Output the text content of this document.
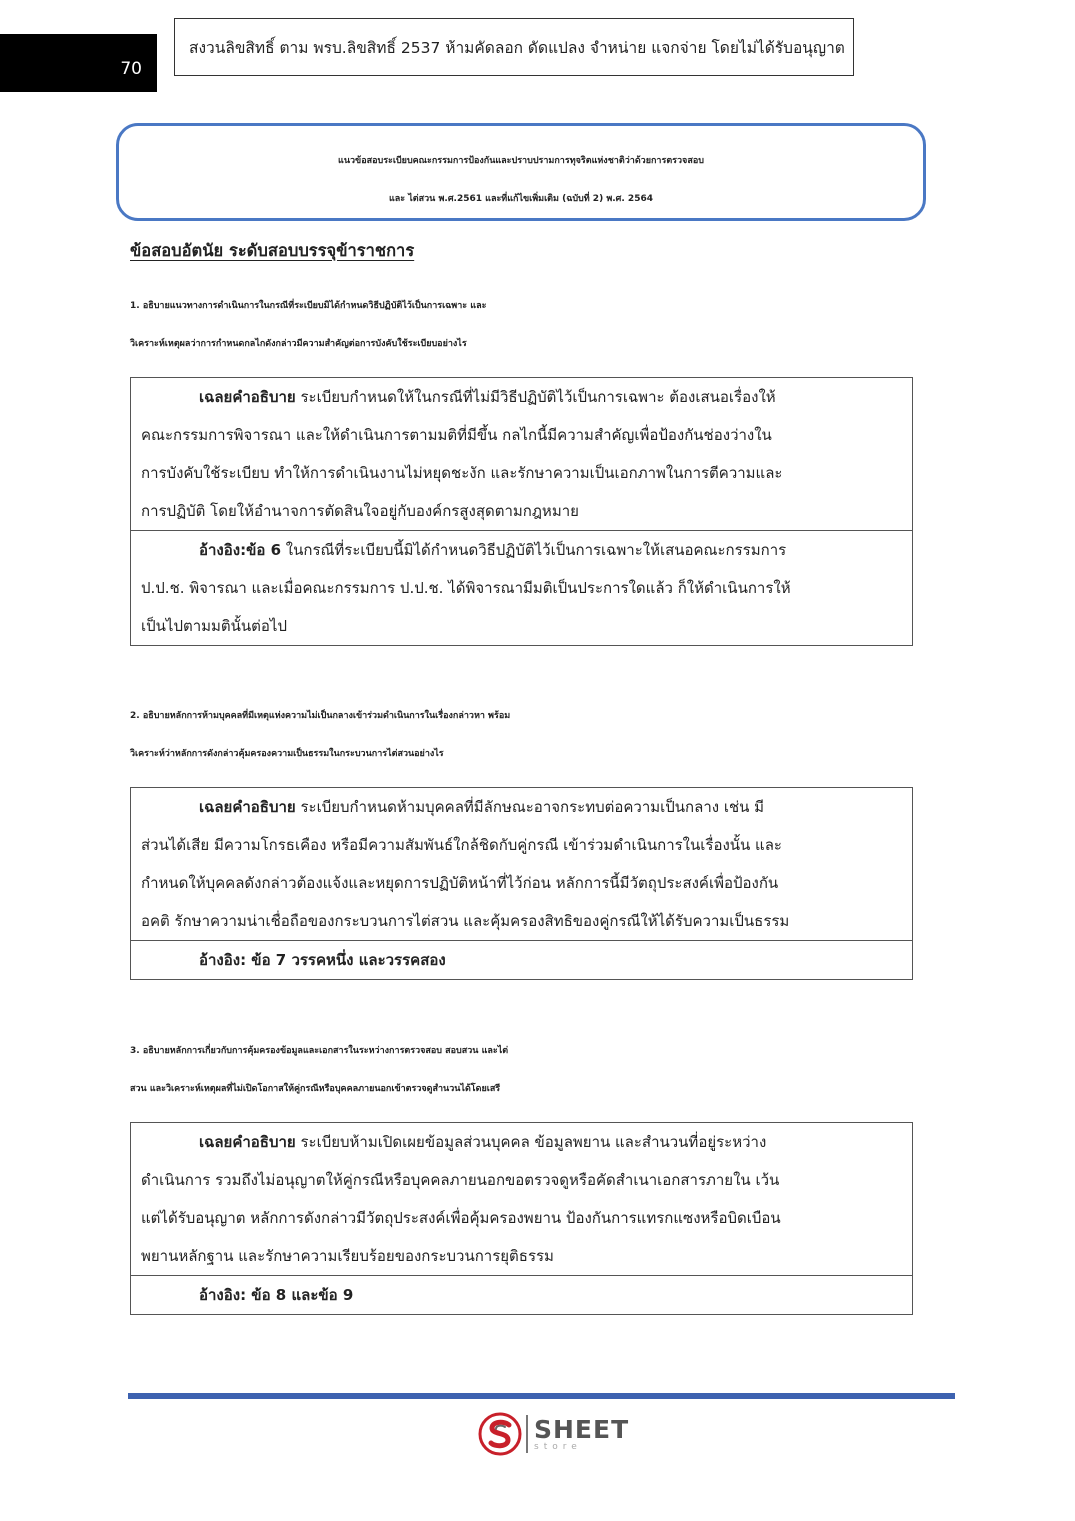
70
สงวนลิขสิทธิ์ ตาม พรบ.ลิขสิทธิ์ 2537 ห้ามคัดลอก ดัดแปลง จำหน่าย แจกจ่าย โดยไม่ได้รับอนุญาต
แนวข้อสอบระเบียบคณะกรรมการป้องกันและปราบปรามการทุจริตแห่งชาติว่าด้วยการตรวจสอบ
และ ไต่สวน พ.ศ.2561 และที่แก้ไขเพิ่มเติม (ฉบับที่ 2) พ.ศ. 2564
ข้อสอบอัตนัย ระดับสอบบรรจุข้าราชการ
1. อธิบายแนวทางการดำเนินการในกรณีที่ระเบียบมิได้กำหนดวิธีปฏิบัติไว้เป็นการเฉพาะ และ
วิเคราะห์เหตุผลว่าการกำหนดกลไกดังกล่าวมีความสำคัญต่อการบังคับใช้ระเบียบอย่างไร
เฉลยคำอธิบาย ระเบียบกำหนดให้ในกรณีที่ไม่มีวิธีปฏิบัติไว้เป็นการเฉพาะ ต้องเสนอเรื่องให้
คณะกรรมการพิจารณา และให้ดำเนินการตามมติที่มีขึ้น กลไกนี้มีความสำคัญเพื่อป้องกันช่องว่างใน
การบังคับใช้ระเบียบ ทำให้การดำเนินงานไม่หยุดชะงัก และรักษาความเป็นเอกภาพในการตีความและ
การปฏิบัติ โดยให้อำนาจการตัดสินใจอยู่กับองค์กรสูงสุดตามกฎหมาย
อ้างอิง:ข้อ 6 ในกรณีที่ระเบียบนี้มิได้กำหนดวิธีปฏิบัติไว้เป็นการเฉพาะให้เสนอคณะกรรมการ
ป.ป.ช. พิจารณา และเมื่อคณะกรรมการ ป.ป.ช. ได้พิจารณามีมติเป็นประการใดแล้ว ก็ให้ดำเนินการให้
เป็นไปตามมตินั้นต่อไป
2. อธิบายหลักการห้ามบุคคลที่มีเหตุแห่งความไม่เป็นกลางเข้าร่วมดำเนินการในเรื่องกล่าวหา พร้อม
วิเคราะห์ว่าหลักการดังกล่าวคุ้มครองความเป็นธรรมในกระบวนการไต่สวนอย่างไร
เฉลยคำอธิบาย ระเบียบกำหนดห้ามบุคคลที่มีลักษณะอาจกระทบต่อความเป็นกลาง เช่น มี
ส่วนได้เสีย มีความโกรธเคือง หรือมีความสัมพันธ์ใกล้ชิดกับคู่กรณี เข้าร่วมดำเนินการในเรื่องนั้น และ
กำหนดให้บุคคลดังกล่าวต้องแจ้งและหยุดการปฏิบัติหน้าที่ไว้ก่อน หลักการนี้มีวัตถุประสงค์เพื่อป้องกัน
อคติ รักษาความน่าเชื่อถือของกระบวนการไต่สวน และคุ้มครองสิทธิของคู่กรณีให้ได้รับความเป็นธรรม
อ้างอิง: ข้อ 7 วรรคหนึ่ง และวรรคสอง
3. อธิบายหลักการเกี่ยวกับการคุ้มครองข้อมูลและเอกสารในระหว่างการตรวจสอบ สอบสวน และไต่
สวน และวิเคราะห์เหตุผลที่ไม่เปิดโอกาสให้คู่กรณีหรือบุคคลภายนอกเข้าตรวจดูสำนวนได้โดยเสรี
เฉลยคำอธิบาย ระเบียบห้ามเปิดเผยข้อมูลส่วนบุคคล ข้อมูลพยาน และสำนวนที่อยู่ระหว่าง
ดำเนินการ รวมถึงไม่อนุญาตให้คู่กรณีหรือบุคคลภายนอกขอตรวจดูหรือคัดสำเนาเอกสารภายใน เว้น
แต่ได้รับอนุญาต หลักการดังกล่าวมีวัตถุประสงค์เพื่อคุ้มครองพยาน ป้องกันการแทรกแซงหรือบิดเบือน
พยานหลักฐาน และรักษาความเรียบร้อยของกระบวนการยุติธรรม
อ้างอิง: ข้อ 8 และข้อ 9
SHEET
store
